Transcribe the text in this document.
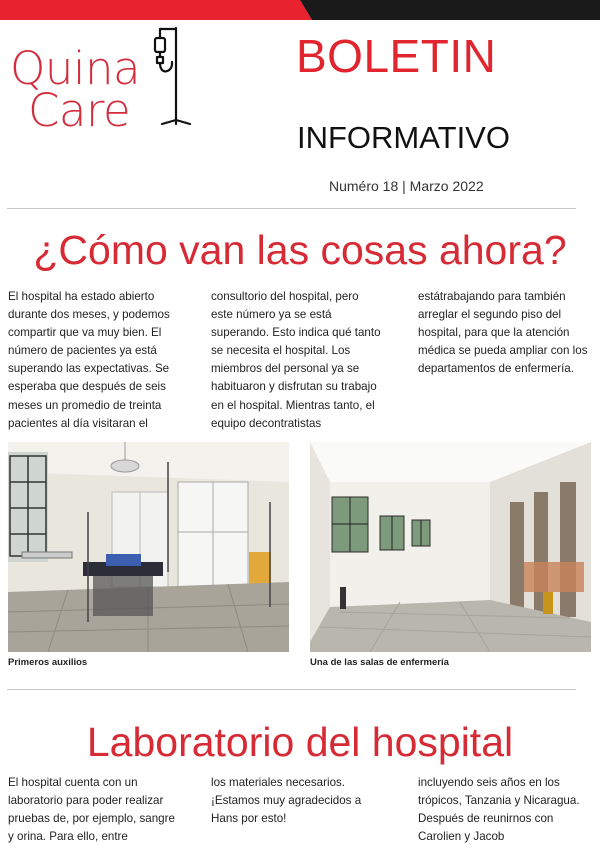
Quina
Care
BOLETIN
INFORMATIVO
Numéro 18 | Marzo 2022
¿Cómo van las cosas ahora?
El hospital ha estado abierto durante dos meses, y podemos compartir que va muy bien. El número de pacientes ya está superando las expectativas. Se esperaba que después de seis meses un promedio de treinta pacientes al día visitaran el
consultorio del hospital, pero este número ya se está superando. Esto indica qué tanto se necesita el hospital. Los miembros del personal ya se habituaron y disfrutan su trabajo en el hospital. Mientras tanto, el equipo decontratistas
estátrabajando para también arreglar el segundo piso del hospital, para que la atención médica se pueda ampliar con los departamentos de enfermería.
Primeros auxilios	Una de las salas de enfermería
Laboratorio del hospital
El hospital cuenta con un laboratorio para poder realizar pruebas de, por ejemplo, sangre y orina. Para ello, entre
los materiales necesarios. ¡Estamos muy agradecidos a Hans por esto!
incluyendo seis años en los trópicos, Tanzania y Nicaragua. Después de reunirnos con Carolien y Jacob
